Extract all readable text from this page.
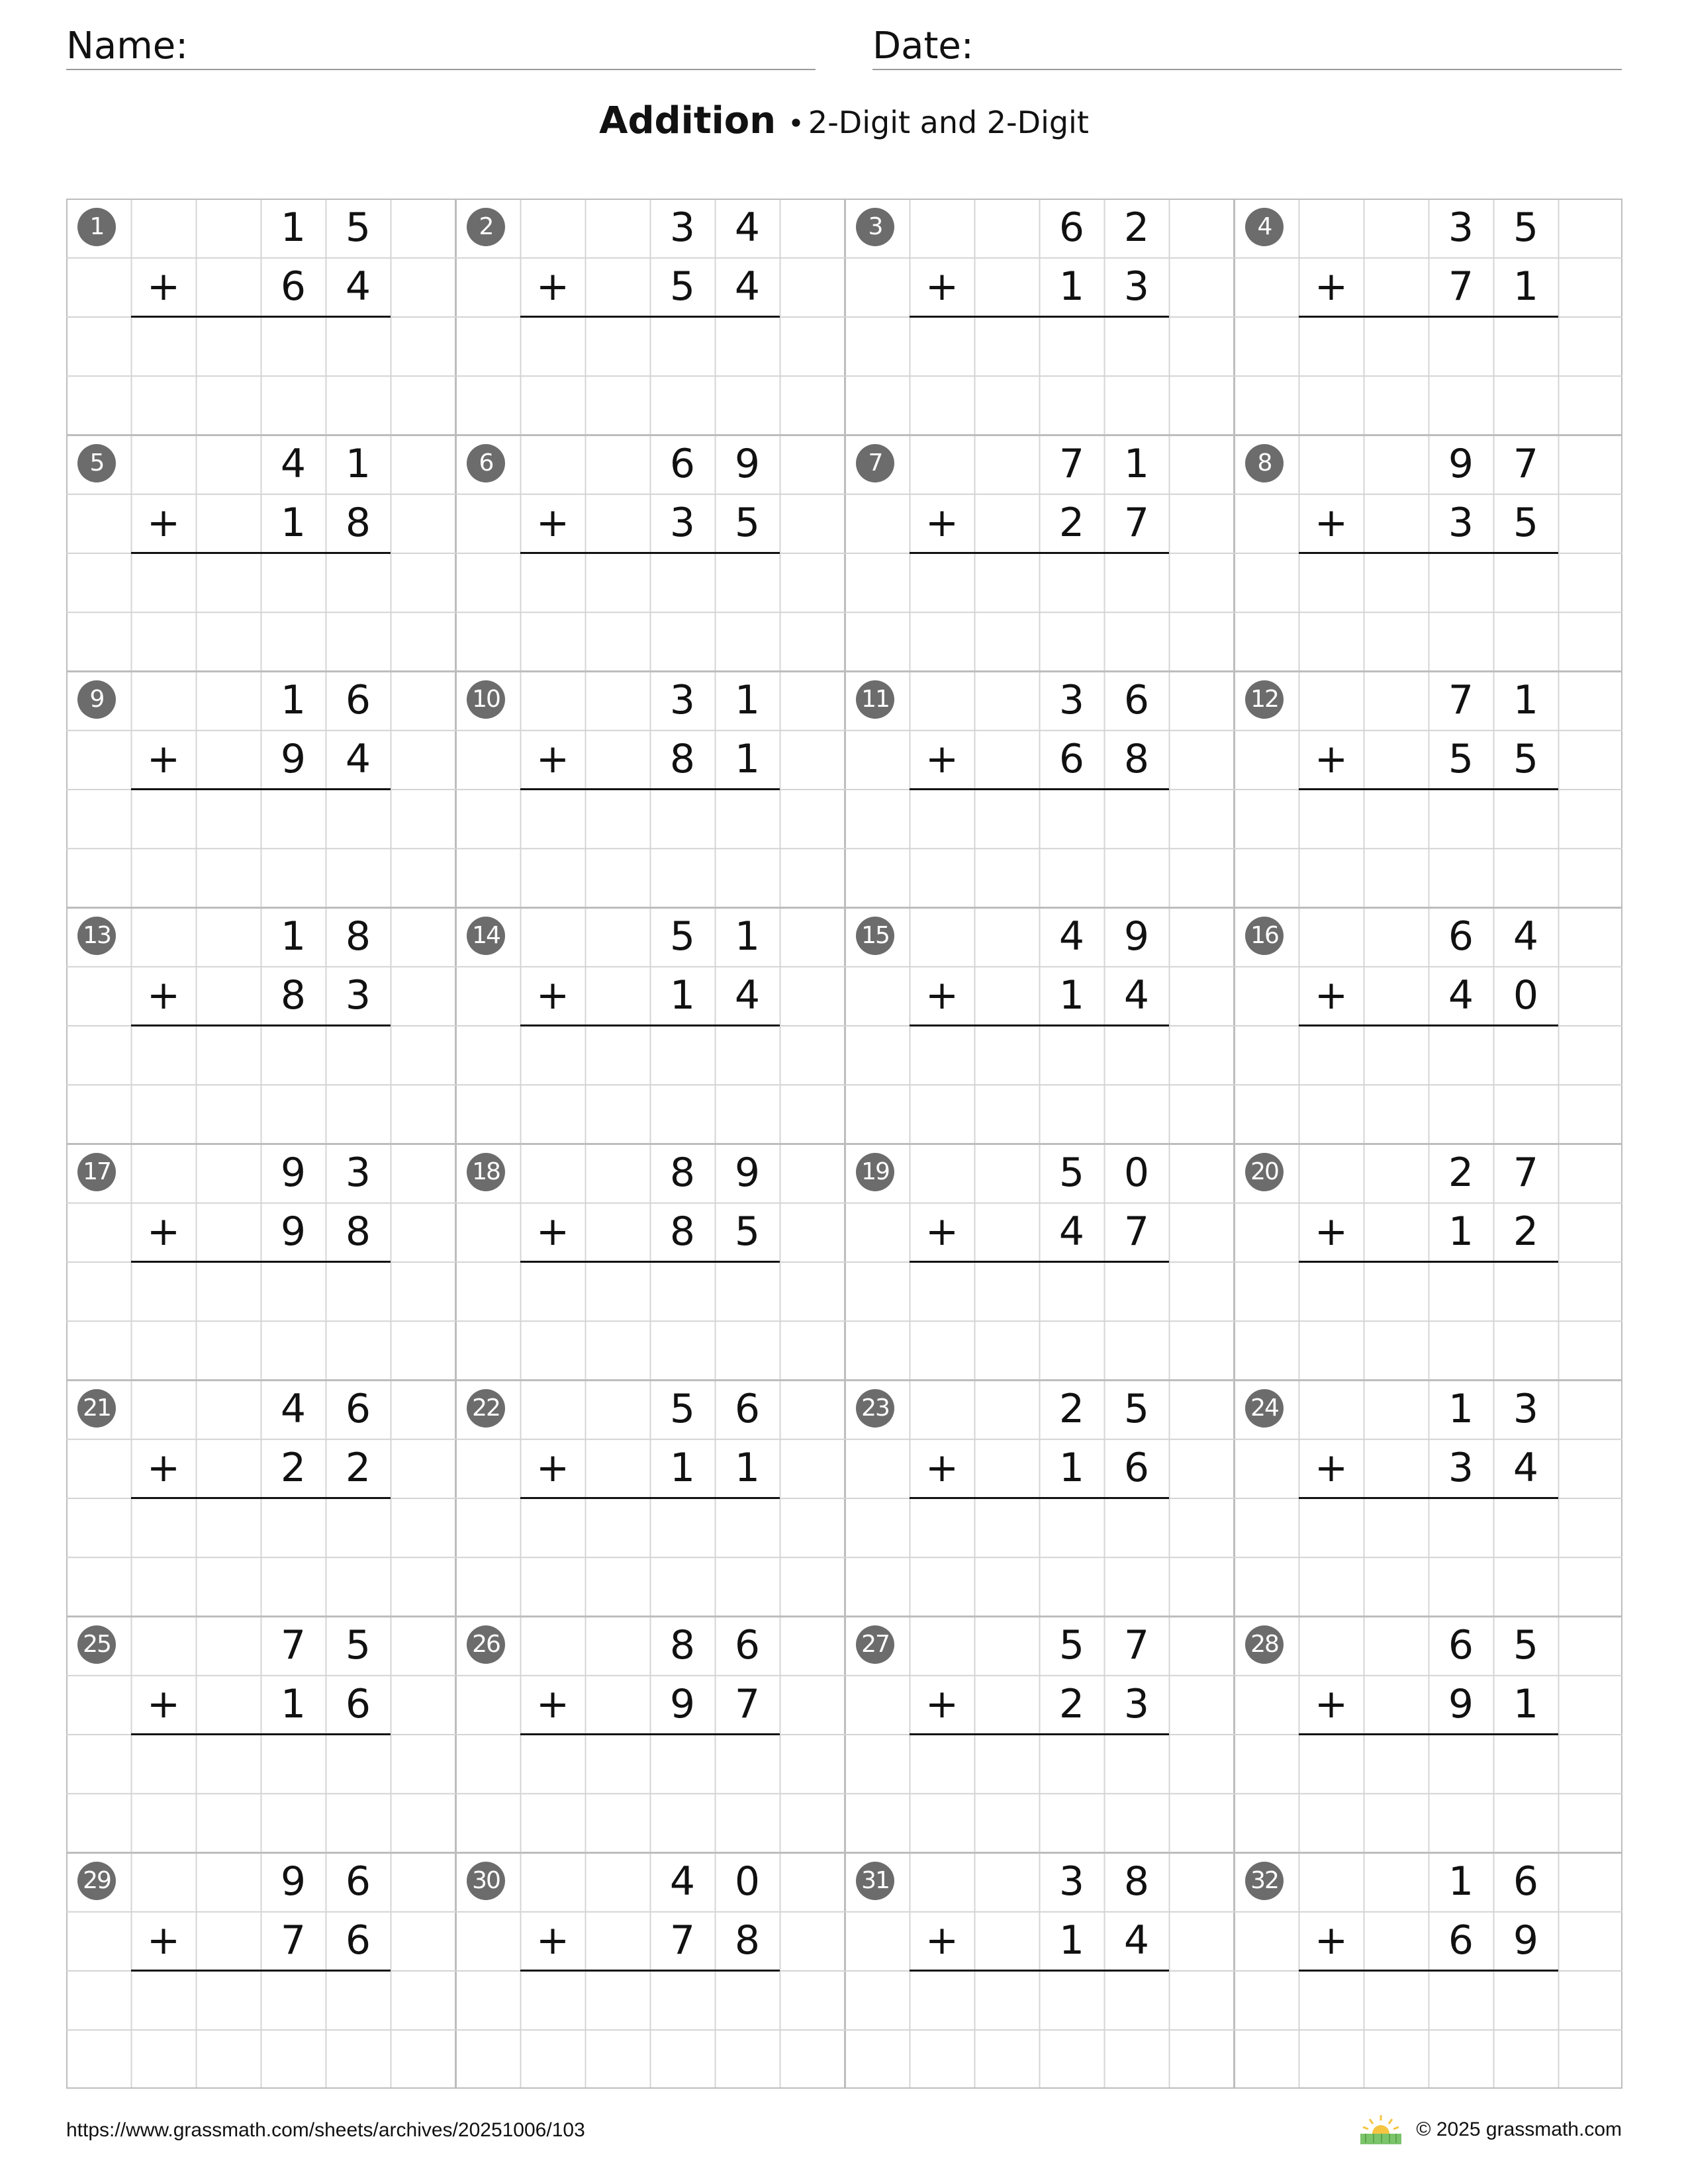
Name:	Date:
Addition • 2-Digit and 2-Digit
1	1 5
6 4
+
2	3 4
5 4
+
3	6 2
1 3
+
4	3 5
7 1
+
5	4 1
1 8
+
6	6 9
3 5
+
7	7 1
2 7
+
8	9 7
3 5
+
9	1 6
9 4
+
10	3 1
8 1
+
11	3 6
6 8
+
12	7 1
5 5
+
13	1 8
8 3
+
14	5 1
1 4
+
15	4 9
1 4
+
16	6 4
4 0
+
17	9 3
9 8
+
18	8 9
8 5
+
19	5 0
4 7
+
20	2 7
1 2
+
21	4 6
2 2
+
22	5 6
1 1
+
23	2 5
1 6
+
24	1 3
3 4
+
25	7 5
1 6
+
26	8 6
9 7
+
27	5 7
2 3
+
28	6 5
9 1
+
29	9 6
7 6
+
30	4 0
7 8
+
31	3 8
1 4
+
32	1 6
6 9
+
https://www.grassmath.com/sheets/archives/20251006/103	© 2025 grassmath.com
